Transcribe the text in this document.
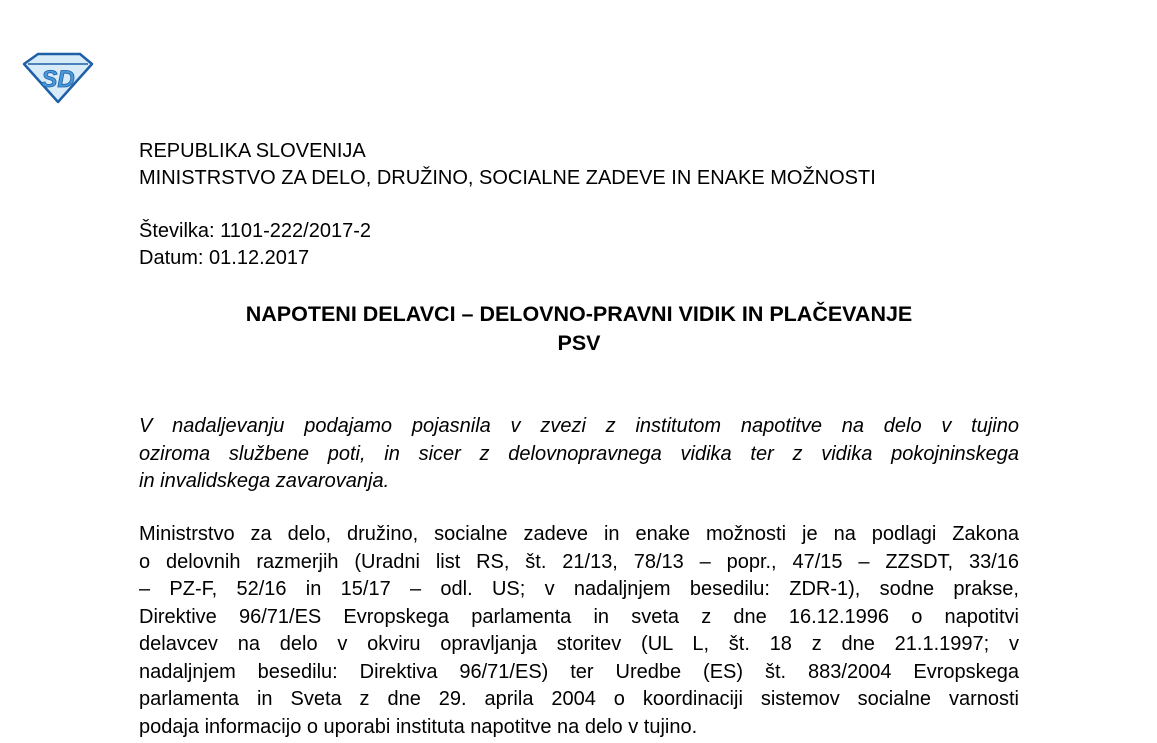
SD
REPUBLIKA SLOVENIJA
MINISTRSTVO ZA DELO, DRUŽINO, SOCIALNE ZADEVE IN ENAKE MOŽNOSTI
Številka: 1101-222/2017-2
Datum: 01.12.2017
NAPOTENI DELAVCI – DELOVNO-PRAVNI VIDIK IN PLAČEVANJE
PSV
V nadaljevanju podajamo pojasnila v zvezi z institutom napotitve na delo v tujino
oziroma službene poti, in sicer z delovnopravnega vidika ter z vidika pokojninskega
in invalidskega zavarovanja.
Ministrstvo za delo, družino, socialne zadeve in enake možnosti je na podlagi Zakona
o delovnih razmerjih (Uradni list RS, št. 21/13, 78/13 – popr., 47/15 – ZZSDT, 33/16
– PZ-F, 52/16 in 15/17 – odl. US; v nadaljnjem besedilu: ZDR-1), sodne prakse,
Direktive 96/71/ES Evropskega parlamenta in sveta z dne 16.12.1996 o napotitvi
delavcev na delo v okviru opravljanja storitev (UL L, št. 18 z dne 21.1.1997; v
nadaljnjem besedilu: Direktiva 96/71/ES) ter Uredbe (ES) št. 883/2004 Evropskega
parlamenta in Sveta z dne 29. aprila 2004 o koordinaciji sistemov socialne varnosti
podaja informacijo o uporabi instituta napotitve na delo v tujino.
